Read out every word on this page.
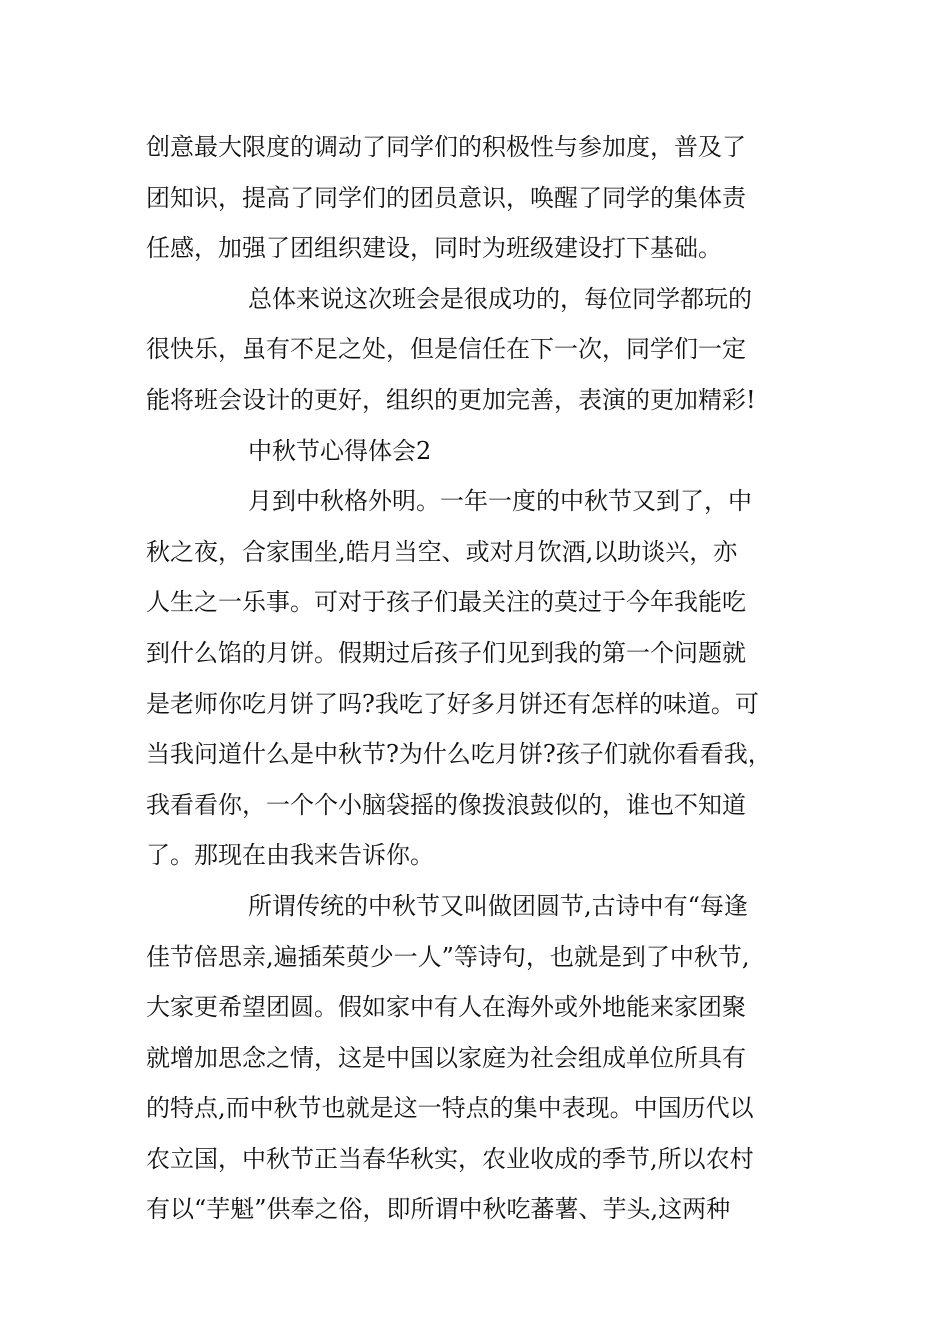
创意最大限度的调动了同学们的积极性与参加度，普及了
团知识，提高了同学们的团员意识，唤醒了同学的集体责
任感，加强了团组织建设，同时为班级建设打下基础。
总体来说这次班会是很成功的，每位同学都玩的
很快乐，虽有不足之处，但是信任在下一次，同学们一定
能将班会设计的更好，组织的更加完善，表演的更加精彩!
中秋节心得体会2
月到中秋格外明。一年一度的中秋节又到了，中
秋之夜，合家围坐,皓月当空、或对月饮酒,以助谈兴，亦
人生之一乐事。可对于孩子们最关注的莫过于今年我能吃
到什么馅的月饼。假期过后孩子们见到我的第一个问题就
是老师你吃月饼了吗?我吃了好多月饼还有怎样的味道。可
当我问道什么是中秋节?为什么吃月饼?孩子们就你看看我，
我看看你，一个个小脑袋摇的像拨浪鼓似的，谁也不知道
了。那现在由我来告诉你。
所谓传统的中秋节又叫做团圆节,古诗中有“每逢
佳节倍思亲,遍插茱萸少一人”等诗句，也就是到了中秋节,
大家更希望团圆。假如家中有人在海外或外地能来家团聚
就增加思念之情，这是中国以家庭为社会组成单位所具有
的特点,而中秋节也就是这一特点的集中表现。中国历代以
农立国，中秋节正当春华秋实，农业收成的季节,所以农村
有以“芋魁”供奉之俗，即所谓中秋吃蕃薯、芋头,这两种
